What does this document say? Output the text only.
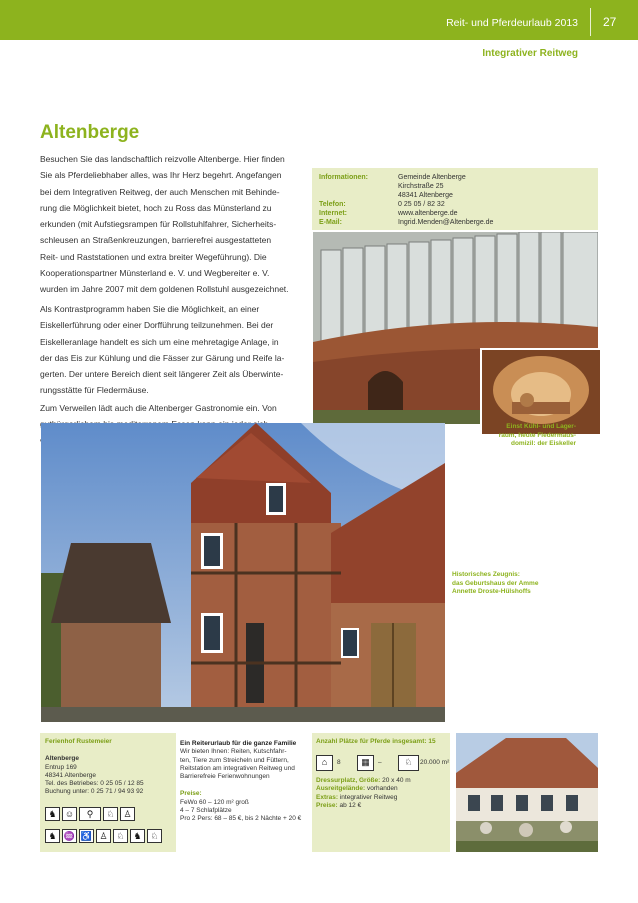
Reit- und Pferdeurlaub 2013 27
Integrativer Reitweg
Altenberge

Besuchen Sie das landschaftlich reizvolle Altenberge. Hier finden

Sie als Pferdeliebhaber alles, was Ihr Herz begehrt. Angefangen

bei dem Integrativen Reitweg, der auch Menschen mit Behinde-

rung die Möglichkeit bietet, hoch zu Ross das Münsterland zu

erkunden (mit Aufstiegsrampen für Rollstuhlfahrer, Sicherheits-

schleusen an Straßenkreuzungen, barrierefrei ausgestatteten

Reit- und Raststationen und extra breiter Wegeführung). Die

Kooperationspartner Münsterland e. V. und Wegbereiter e. V.

wurden im Jahre 2007 mit dem goldenen Rollstuhl ausgezeichnet.

Als Kontrastprogramm haben Sie die Möglichkeit, an einer

Eiskellerführung oder einer Dorfführung teilzunehmen. Bei der

Eiskelleranlage handelt es sich um eine mehretagige Anlage, in

der das Eis zur Kühlung und die Fässer zur Gärung und Reife la-

gerten. Der untere Bereich dient seit längerer Zeit als Überwinte-

rungsstätte für Fledermäuse.

Zum Verweilen lädt auch die Altenberger Gastronomie ein. Von

Informationen:	Gemeinde Altenberge
Kirchstraße 25
48341 Altenberge
Telefon:	0 25 05 / 82 32
Internet:	www.altenberge.de
E-Mail:	Ingrid.Menden@Altenberge.de
Einst Kühl- und Lager-
raum, heute Fledermaus-
domizil: der Eiskeller
Historisches Zeugnis:
das Geburtshaus der Amme
Annette Droste-Hülshoffs
Ferienhof Rustemeier
Altenberge
Entrup 169
48341 Altenberge
Tel. des Betriebes: 0 25 05 / 12 85
Buchung unter: 0 25 71 / 94 93 92
♞ ☺	⚲	♘ ♙
♞ ♒ ♿ ♙ ♘ ♞ ♘
Ein Reiterurlaub für die ganze Familie
Wir bieten Ihnen: Reiten, Kutschfahr-
ten, Tiere zum Streicheln und Füttern,
Reitstation am integrativen Reitweg und
Barrierefreie Ferienwohnungen
Preise:
FeWo 60 – 120 m² groß
4 – 7 Schlafplätze
Pro 2 Pers: 68 – 85 €, bis 2 Nächte + 20 €
Anzahl Plätze für Pferde insgesamt: 15
⌂	8	▦	–	♘	20.000 m²
Dressurplatz, Größe: 20 x 40 m
Ausreitgelände: vorhanden
Extras: integrativer Reitweg
Preise: ab 12 €
